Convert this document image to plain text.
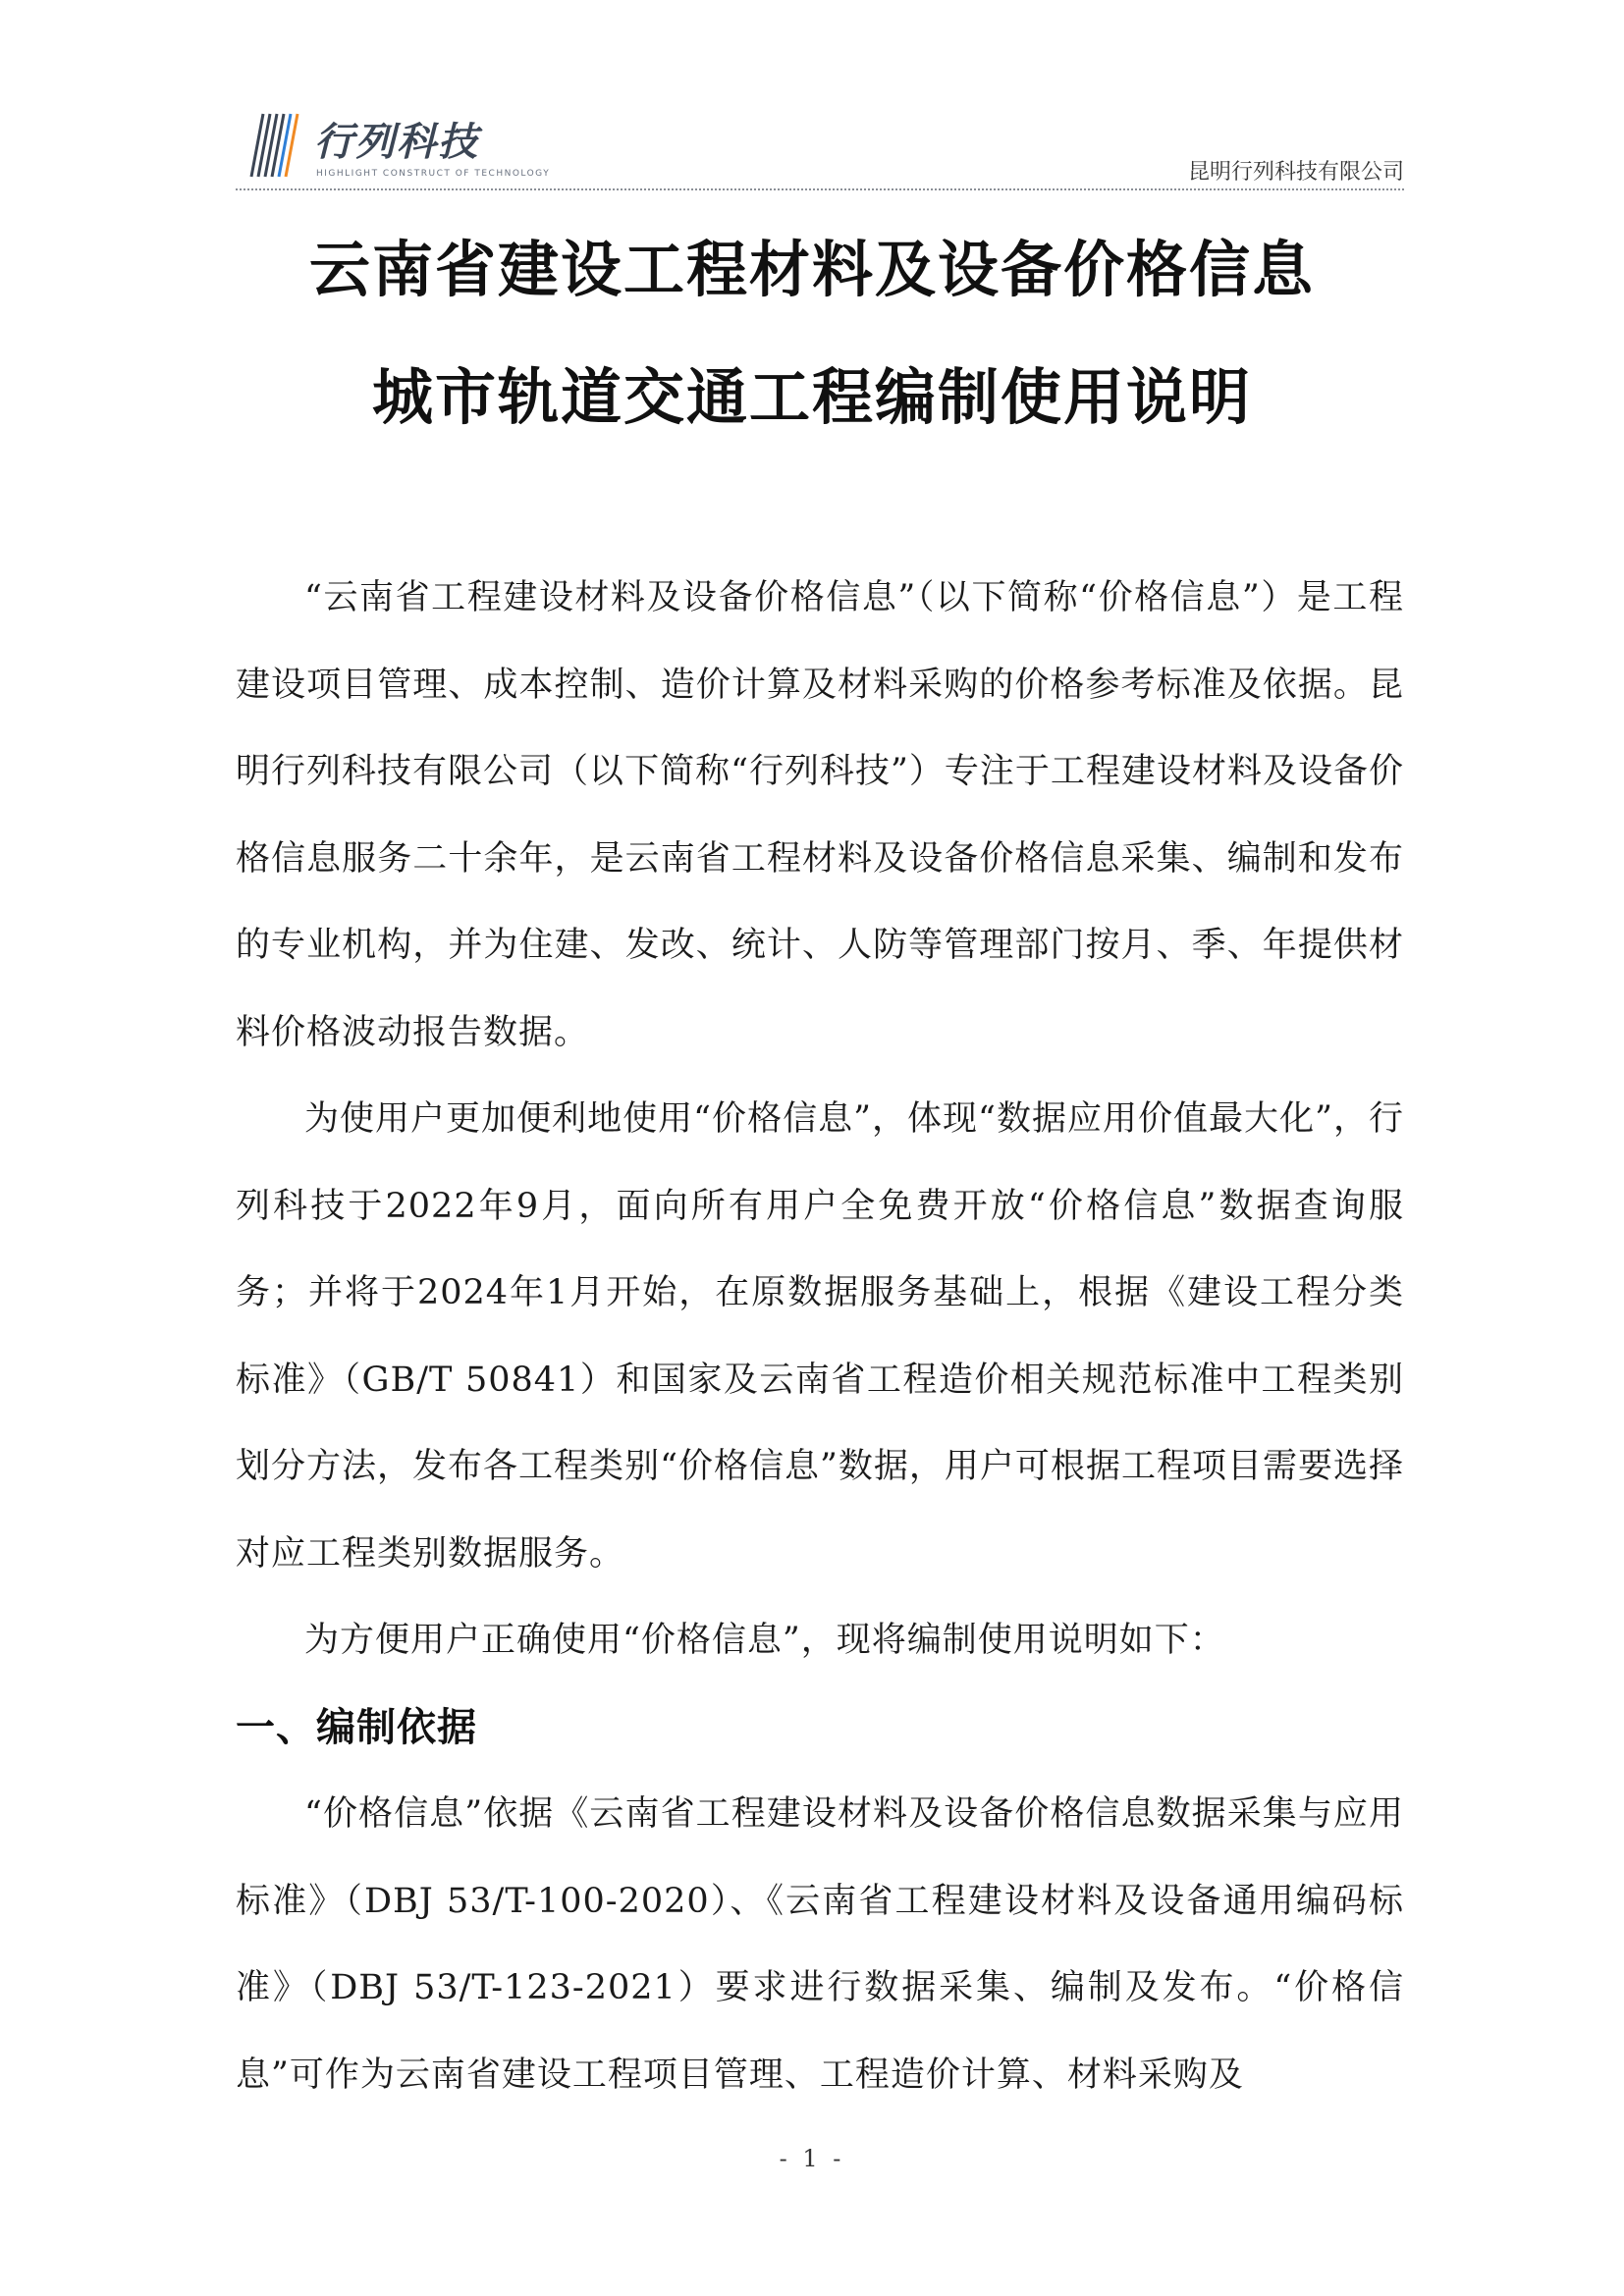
行列科技
HIGHLIGHT CONSTRUCT OF TECHNOLOGY	昆明行列科技有限公司
云南省建设工程材料及设备价格信息
城市轨道交通工程编制使用说明

“云南省工程建设材料及设备价格信息”（以下简称“价格信息”）是工程建设项目管理、成本控制、造价计算及材料采购的价格参考标准及依据。昆明行列科技有限公司（以下简称“行列科技”）专注于工程建设材料及设备价格信息服务二十余年，是云南省工程材料及设备价格信息采集、编制和发布的专业机构，并为住建、发改、统计、人防等管理部门按月、季、年提供材料价格波动报告数据。

为使用户更加便利地使用“价格信息”，体现“数据应用价值最大化”，行列科技于2022年9月，面向所有用户全免费开放“价格信息”数据查询服务；并将于2024年1月开始，在原数据服务基础上，根据《建设工程分类标准》（GB/T 50841）和国家及云南省工程造价相关规范标准中工程类别划分方法，发布各工程类别“价格信息”数据，用户可根据工程项目需要选择对应工程类别数据服务。

为方便用户正确使用“价格信息”，现将编制使用说明如下：

一、编制依据

“价格信息”依据《云南省工程建设材料及设备价格信息数据采集与应用标准》（DBJ 53/T-100-2020）、《云南省工程建设材料及设备通用编码标准》（DBJ 53/T-123-2021）要求进行数据采集、编制及发布。“价格信息”可作为云南省建设工程项目管理、工程造价计算、材料采购及

- 1 -
